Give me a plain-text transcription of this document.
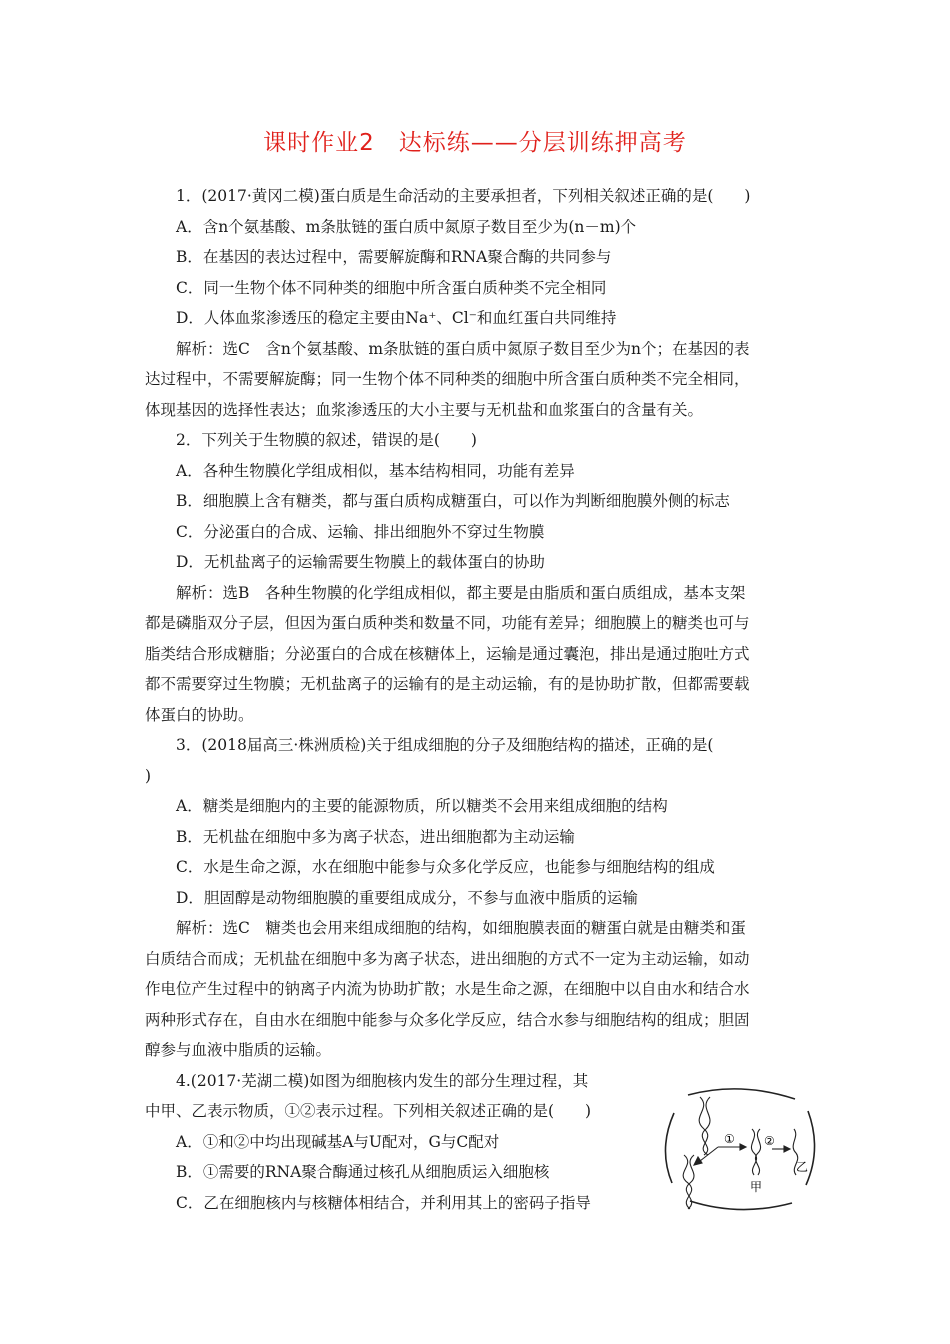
课时作业2　达标练——分层训练押高考
1．(2017·黄冈二模)蛋白质是生命活动的主要承担者，下列相关叙述正确的是(　　)
A．含n个氨基酸、m条肽链的蛋白质中氮原子数目至少为(n－m)个
B．在基因的表达过程中，需要解旋酶和RNA聚合酶的共同参与
C．同一生物个体不同种类的细胞中所含蛋白质种类不完全相同
D．人体血浆渗透压的稳定主要由Na⁺、Cl⁻和血红蛋白共同维持
解析：选C　含n个氨基酸、m条肽链的蛋白质中氮原子数目至少为n个；在基因的表
达过程中，不需要解旋酶；同一生物个体不同种类的细胞中所含蛋白质种类不完全相同，
体现基因的选择性表达；血浆渗透压的大小主要与无机盐和血浆蛋白的含量有关。
2．下列关于生物膜的叙述，错误的是(　　)
A．各种生物膜化学组成相似，基本结构相同，功能有差异
B．细胞膜上含有糖类，都与蛋白质构成糖蛋白，可以作为判断细胞膜外侧的标志
C．分泌蛋白的合成、运输、排出细胞外不穿过生物膜
D．无机盐离子的运输需要生物膜上的载体蛋白的协助
解析：选B　各种生物膜的化学组成相似，都主要是由脂质和蛋白质组成，基本支架
都是磷脂双分子层，但因为蛋白质种类和数量不同，功能有差异；细胞膜上的糖类也可与
脂类结合形成糖脂；分泌蛋白的合成在核糖体上，运输是通过囊泡，排出是通过胞吐方式
都不需要穿过生物膜；无机盐离子的运输有的是主动运输，有的是协助扩散，但都需要载
体蛋白的协助。
3．(2018届高三·株洲质检)关于组成细胞的分子及细胞结构的描述，正确的是(
)
A．糖类是细胞内的主要的能源物质，所以糖类不会用来组成细胞的结构
B．无机盐在细胞中多为离子状态，进出细胞都为主动运输
C．水是生命之源，水在细胞中能参与众多化学反应，也能参与细胞结构的组成
D．胆固醇是动物细胞膜的重要组成成分，不参与血液中脂质的运输
解析：选C　糖类也会用来组成细胞的结构，如细胞膜表面的糖蛋白就是由糖类和蛋
白质结合而成；无机盐在细胞中多为离子状态，进出细胞的方式不一定为主动运输，如动
作电位产生过程中的钠离子内流为协助扩散；水是生命之源，在细胞中以自由水和结合水
两种形式存在，自由水在细胞中能参与众多化学反应，结合水参与细胞结构的组成；胆固
醇参与血液中脂质的运输。
4.(2017·芜湖二模)如图为细胞核内发生的部分生理过程，其
中甲、乙表示物质，①②表示过程。下列相关叙述正确的是(　　)
A．①和②中均出现碱基A与U配对，G与C配对
B．①需要的RNA聚合酶通过核孔从细胞质运入细胞核
C．乙在细胞核内与核糖体相结合，并利用其上的密码子指导
① ②
甲
乙
